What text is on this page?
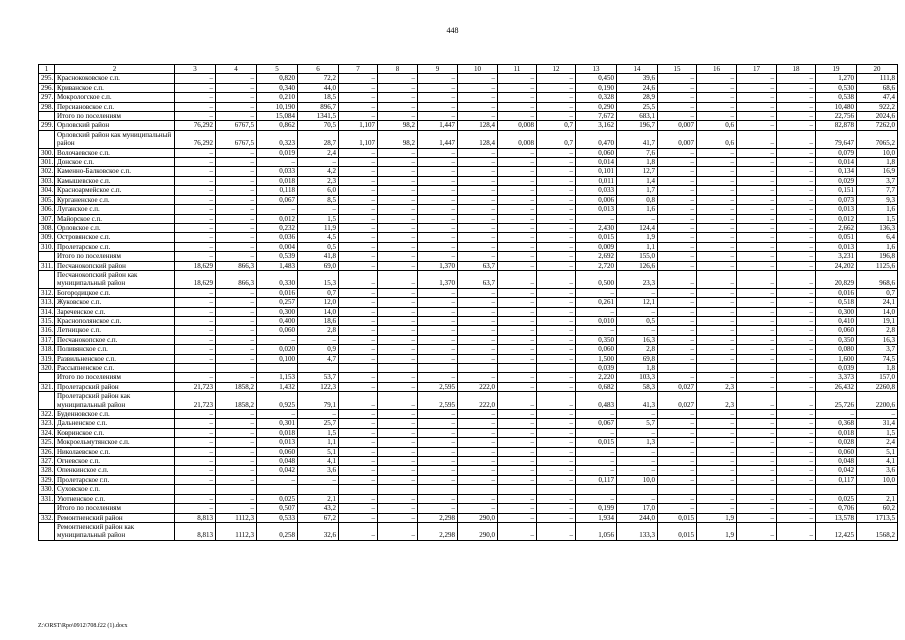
448
1	2	3	4	5	6	7	8	9	10	11	12	13	14	15	16	17	18	19	20
295.	Краснококовское с.п.	–	–	0,820	72,2	–	–	–	–	–	–	0,450	39,6	–	–	–	–	1,270	111,8
296.	Криванское с.п.	–	–	0,340	44,0	–	–	–	–	–	–	0,190	24,6	–	–	–	–	0,530	68,6
297.	Мокрологское с.п.	–	–	0,210	18,5	–	–	–	–	–	–	0,328	28,9	–	–	–	–	0,538	47,4
298.	Персиановское с.п.	–	–	10,190	896,7	–	–	–	–	–	–	0,290	25,5	–	–	–	–	10,480	922,2
	Итого по поселениям	–	–	15,084	1341,5	–	–	–	–	–	–	7,672	683,1	–	–	–	–	22,756	2024,6
299.	Орловский район	76,292	6767,5	0,862	70,5	1,107	98,2	1,447	128,4	0,008	0,7	3,162	196,7	0,007	0,6	–	–	82,878	7262,0
	Орловский район как муниципальный район	76,292	6767,5	0,323	28,7	1,107	98,2	1,447	128,4	0,008	0,7	0,470	41,7	0,007	0,6	–	–	79,647	7065,2
300.	Волочаевское с.п.	–	–	0,019	2,4	–	–	–	–	–	–	0,060	7,6	–	–	–	–	0,079	10,0
301.	Донское с.п.	–	–	–	–	–	–	–	–	–	–	0,014	1,8	–	–	–	–	0,014	1,8
302.	Каменно-Балковское с.п.	–	–	0,033	4,2	–	–	–	–	–	–	0,101	12,7	–	–	–	–	0,134	16,9
303.	Камышевское с.п.	–	–	0,018	2,3	–	–	–	–	–	–	0,011	1,4	–	–	–	–	0,029	3,7
304.	Красноармейское с.п.	–	–	0,118	6,0	–	–	–	–	–	–	0,033	1,7	–	–	–	–	0,151	7,7
305.	Курганенское с.п.	–	–	0,067	8,5	–	–	–	–	–	–	0,006	0,8	–	–	–	–	0,073	9,3
306.	Луганское с.п.	–	–	–	–	–	–	–	–	–	–	0,013	1,6	–	–	–	–	0,013	1,6
307.	Майорское с.п.	–	–	0,012	1,5	–	–	–	–	–	–	–	–	–	–	–	–	0,012	1,5
308.	Орловское с.п.	–	–	0,232	11,9	–	–	–	–	–	–	2,430	124,4	–	–	–	–	2,662	136,3
309.	Островянское с.п.	–	–	0,036	4,5	–	–	–	–	–	–	0,015	1,9	–	–	–	–	0,051	6,4
310.	Пролетарское с.п.	–	–	0,004	0,5	–	–	–	–	–	–	0,009	1,1	–	–	–	–	0,013	1,6
	Итого по поселениям	–	–	0,539	41,8	–	–	–	–	–	–	2,692	155,0	–	–	–	–	3,231	196,8
311.	Песчанокопский район	18,629	866,3	1,483	69,0	–	–	1,370	63,7	–	–	2,720	126,6	–	–	–	–	24,202	1125,6
	Песчанокопский район как муниципальный район	18,629	866,3	0,330	15,3	–	–	1,370	63,7	–	–	0,500	23,3	–	–	–	–	20,829	968,6
312.	Богородицкое с.п.	–	–	0,016	0,7	–	–	–	–	–	–	–	–	–	–	–	–	0,016	0,7
313.	Жуковское с.п.	–	–	0,257	12,0	–	–	–	–	–	–	0,261	12,1	–	–	–	–	0,518	24,1
314.	Зареченское с.п.	–	–	0,300	14,0	–	–	–	–	–	–	–	–	–	–	–	–	0,300	14,0
315.	Краснополянское с.п.	–	–	0,400	18,6	–	–	–	–	–	–	0,010	0,5	–	–	–	–	0,410	19,1
316.	Летницкое с.п.	–	–	0,060	2,8	–	–	–	–	–	–	–	–	–	–	–	–	0,060	2,8
317.	Песчанокопское с.п.	–	–	–	–	–	–	–	–	–	–	0,350	16,3	–	–	–	–	0,350	16,3
318.	Поливянское с.п.	–	–	0,020	0,9	–	–	–	–	–	–	0,060	2,8	–	–	–	–	0,080	3,7
319.	Развильненское с.п.	–	–	0,100	4,7	–	–	–	–	–	–	1,500	69,8	–	–	–	–	1,600	74,5
320.	Рассыпненское с.п.											0,039	1,8					0,039	1,8
	Итого по поселениям	–	–	1,153	53,7	–	–	–	–	–	–	2,220	103,3	–	–	–	–	3,373	157,0
321.	Пролетарский район	21,723	1858,2	1,432	122,3	–	–	2,595	222,0	–	–	0,682	58,3	0,027	2,3	–	–	26,432	2260,8
	Пролетарский район как муниципальный район	21,723	1858,2	0,925	79,1	–	–	2,595	222,0	–	–	0,483	41,3	0,027	2,3	–	–	25,726	2200,6
322.	Буденновское с.п.	–	–	–	–	–	–	–	–	–	–	–	–	–	–	–	–	–	–
323.	Дальненское с.п.	–	–	0,301	25,7	–	–	–	–	–	–	0,067	5,7	–	–	–	–	0,368	31,4
324.	Ковринское с.п.	–	–	0,018	1,5	–	–	–	–	–	–	–	–	–	–	–	–	0,018	1,5
325.	Мокроельмутянское с.п.	–	–	0,013	1,1	–	–	–	–	–	–	0,015	1,3	–	–	–	–	0,028	2,4
326.	Николаевское с.п.	–	–	0,060	5,1	–	–	–	–	–	–	–	–	–	–	–	–	0,060	5,1
327.	Огневское с.п.	–	–	0,048	4,1	–	–	–	–	–	–	–	–	–	–	–	–	0,048	4,1
328.	Опенкинское с.п.	–	–	0,042	3,6	–	–	–	–	–	–	–	–	–	–	–	–	0,042	3,6
329.	Пролетарское г.п.	–	–	–	–	–	–	–	–	–	–	0,117	10,0	–	–	–	–	0,117	10,0
330.	Суховское с.п.																		
331.	Уютненское с.п.	–	–	0,025	2,1	–	–	–	–	–	–	–	–	–	–	–	–	0,025	2,1
	Итого по поселениям	–	–	0,507	43,2	–	–	–	–	–	–	0,199	17,0	–	–	–	–	0,706	60,2
332.	Ремонтненский район	8,813	1112,3	0,533	67,2	–	–	2,298	290,0	–	–	1,934	244,0	0,015	1,9	–	–	13,578	1713,5
	Ремонтненский район как муниципальный район	8,813	1112,3	0,258	32,6	–	–	2,298	290,0	–	–	1,056	133,3	0,015	1,9	–	–	12,425	1568,2
Z:\ORST\Rpo\0912\708.f22 (1).docx
